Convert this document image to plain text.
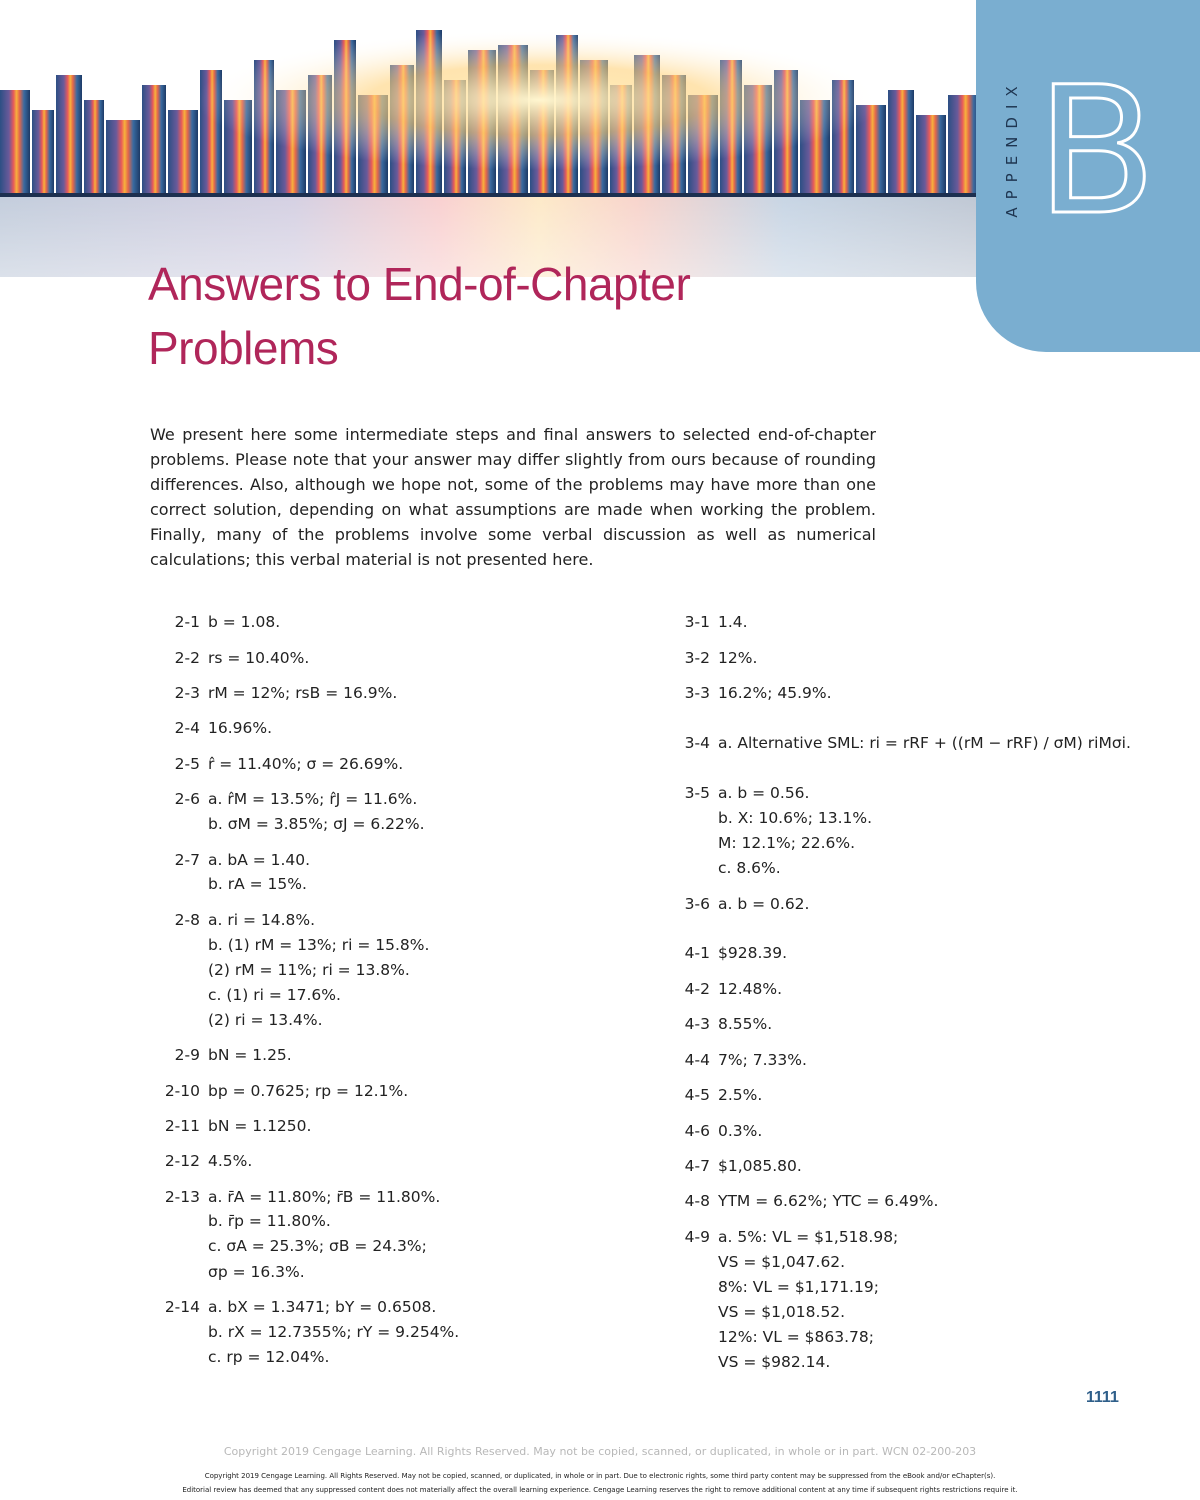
APPENDIX B
Answers to End-of-Chapter
Problems
We present here some intermediate steps and final answers to selected end-of-chapter problems. Please note that your answer may differ slightly from ours because of rounding differences. Also, although we hope not, some of the problems may have more than one correct solution, depending on what assumptions are made when working the problem. Finally, many of the problems involve some verbal discussion as well as numerical calculations; this verbal material is not presented here.
2-1 b = 1.08.
2-2 rs = 10.40%.
2-3 rM = 12%; rsB = 16.9%.
2-4 16.96%.
2-5 r̂ = 11.40%; σ = 26.69%.
2-6 a. r̂M = 13.5%; r̂J = 11.6%.
b. σM = 3.85%; σJ = 6.22%.
2-7 a. bA = 1.40.
b. rA = 15%.
2-8 a. ri = 14.8%.
b. (1) rM = 13%; ri = 15.8%.
(2) rM = 11%; ri = 13.8%.
c. (1) ri = 17.6%.
(2) ri = 13.4%.
2-9 bN = 1.25.
2-10 bp = 0.7625; rp = 12.1%.
2-11 bN = 1.1250.
2-12 4.5%.
2-13 a. r̄A = 11.80%; r̄B = 11.80%.
b. r̄p = 11.80%.
c. σA = 25.3%; σB = 24.3%;
σp = 16.3%.
2-14 a. bX = 1.3471; bY = 0.6508.
b. rX = 12.7355%; rY = 9.254%.
c. rp = 12.04%.
3-1 1.4.
3-2 12%.
3-3 16.2%; 45.9%.
3-4 a. Alternative SML: ri = rRF + ((rM − rRF) / σM) riMσi.
3-5 a. b = 0.56.
b. X: 10.6%; 13.1%.
M: 12.1%; 22.6%.
c. 8.6%.
3-6 a. b = 0.62.
4-1 $928.39.
4-2 12.48%.
4-3 8.55%.
4-4 7%; 7.33%.
4-5 2.5%.
4-6 0.3%.
4-7 $1,085.80.
4-8 YTM = 6.62%; YTC = 6.49%.
4-9 a. 5%: VL = $1,518.98;
VS = $1,047.62.
8%: VL = $1,171.19;
VS = $1,018.52.
12%: VL = $863.78;
VS = $982.14.
1111
Copyright 2019 Cengage Learning. All Rights Reserved. May not be copied, scanned, or duplicated, in whole or in part. WCN 02-200-203
Copyright 2019 Cengage Learning. All Rights Reserved. May not be copied, scanned, or duplicated, in whole or in part. Due to electronic rights, some third party content may be suppressed from the eBook and/or eChapter(s).
Editorial review has deemed that any suppressed content does not materially affect the overall learning experience. Cengage Learning reserves the right to remove additional content at any time if subsequent rights restrictions require it.
